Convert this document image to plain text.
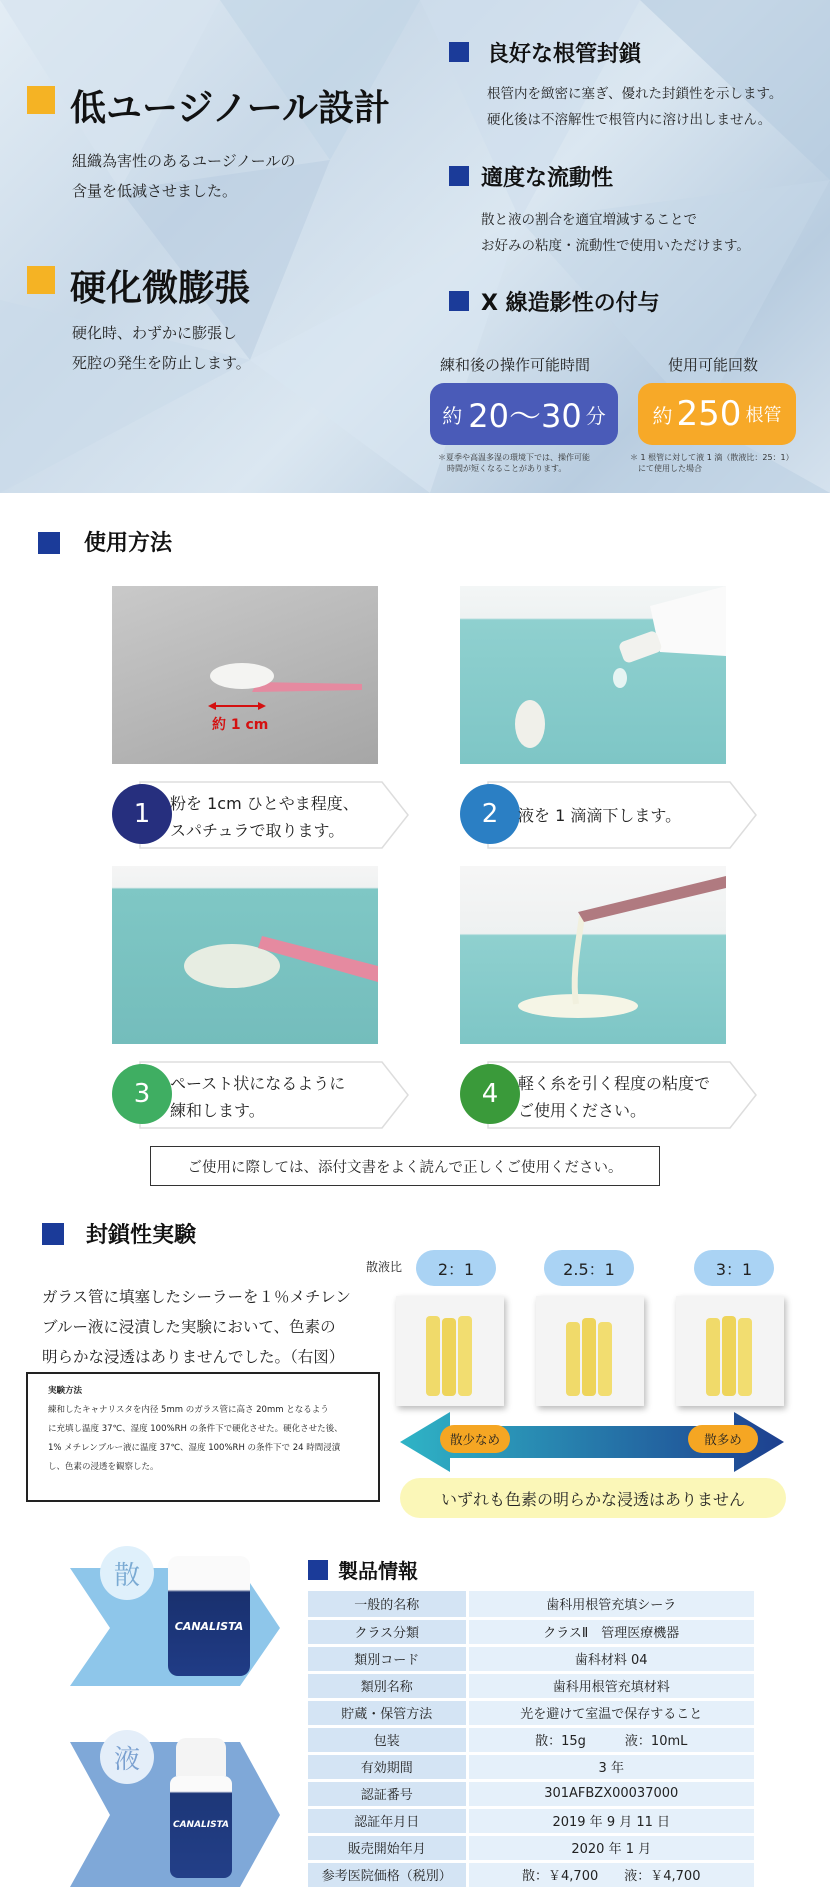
低ユージノール設計
組織為害性のあるユージノールの
含量を低減させました。
硬化微膨張
硬化時、わずかに膨張し
死腔の発生を防止します。
良好な根管封鎖
根管内を緻密に塞ぎ、優れた封鎖性を示します。
硬化後は不溶解性で根管内に溶け出しません。
適度な流動性
散と液の割合を適宜増減することで
お好みの粘度・流動性で使用いただけます。
X 線造影性の付与
練和後の操作可能時間
約 20〜30 分
＊夏季や高温多湿の環境下では、操作可能
時間が短くなることがあります。
使用可能回数
約 250 根管
＊ 1 根管に対して液 1 滴（散液比：25：1）
にて使用した場合
使用方法
約 1 cm
1	粉を 1cm ひとやま程度、
スパチュラで取ります。
2	液を 1 滴滴下します。
3	ペースト状になるように
練和します。
4	軽く糸を引く程度の粘度で
ご使用ください。
ご使用に際しては、添付文書をよく読んで正しくご使用ください。
封鎖性実験
ガラス管に填塞したシーラーを１％メチレン
ブルー液に浸漬した実験において、色素の
明らかな浸透はありませんでした。（右図）
実験方法
練和したキャナリスタを内径 5mm のガラス管に高さ 20mm となるよう
に充填し温度 37℃、湿度 100%RH の条件下で硬化させた。硬化させた後、
1% メチレンブルー液に温度 37℃、湿度 100%RH の条件下で 24 時間浸漬
し、色素の浸透を観察した。
散液比	2：1	2.5：1	3：1
散少なめ	散多め
いずれも色素の明らかな浸透はありません
散
CANALISTA
液
CANALISTA
製品情報
一般的名称	歯科用根管充填シーラ
クラス分類	クラスⅡ　管理医療機器
類別コード	歯科材料 04
類別名称	歯科用根管充填材料
貯蔵・保管方法	光を避けて室温で保存すること
包装	散：15g　　　液：10mL
有効期間	3 年
認証番号	301AFBZX00037000
認証年月日	2019 年 9 月 11 日
販売開始年月	2020 年 1 月
参考医院価格（税別）	散：￥4,700　　液：￥4,700
